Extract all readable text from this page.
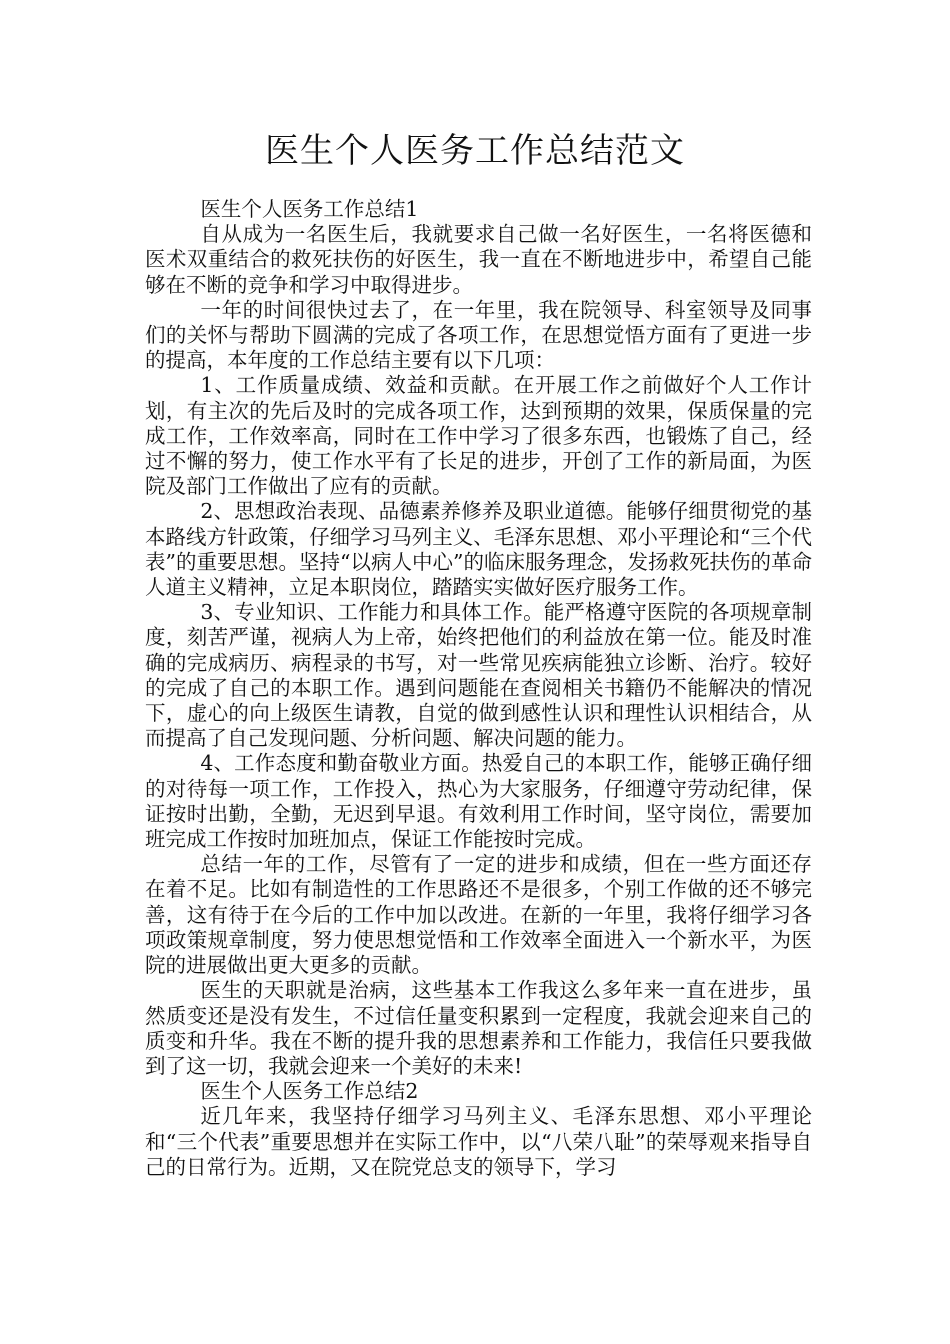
医生个人医务工作总结范文

医生个人医务工作总结1

自从成为一名医生后，我就要求自己做一名好医生，一名将医德和医术双重结合的救死扶伤的好医生，我一直在不断地进步中，希望自己能够在不断的竞争和学习中取得进步。

一年的时间很快过去了，在一年里，我在院领导、科室领导及同事们的关怀与帮助下圆满的完成了各项工作，在思想觉悟方面有了更进一步的提高，本年度的工作总结主要有以下几项：

1、工作质量成绩、效益和贡献。在开展工作之前做好个人工作计划，有主次的先后及时的完成各项工作，达到预期的效果，保质保量的完成工作，工作效率高，同时在工作中学习了很多东西，也锻炼了自己，经过不懈的努力，使工作水平有了长足的进步，开创了工作的新局面，为医院及部门工作做出了应有的贡献。

2、思想政治表现、品德素养修养及职业道德。能够仔细贯彻党的基本路线方针政策，仔细学习马列主义、毛泽东思想、邓小平理论和“三个代表”的重要思想。坚持“以病人中心”的临床服务理念，发扬救死扶伤的革命人道主义精神，立足本职岗位，踏踏实实做好医疗服务工作。

3、专业知识、工作能力和具体工作。能严格遵守医院的各项规章制度，刻苦严谨，视病人为上帝，始终把他们的利益放在第一位。能及时准确的完成病历、病程录的书写，对一些常见疾病能独立诊断、治疗。较好的完成了自己的本职工作。遇到问题能在查阅相关书籍仍不能解决的情况下，虚心的向上级医生请教，自觉的做到感性认识和理性认识相结合，从而提高了自己发现问题、分析问题、解决问题的能力。

4、工作态度和勤奋敬业方面。热爱自己的本职工作，能够正确仔细的对待每一项工作，工作投入，热心为大家服务，仔细遵守劳动纪律，保证按时出勤，全勤，无迟到早退。有效利用工作时间，坚守岗位，需要加班完成工作按时加班加点，保证工作能按时完成。

总结一年的工作，尽管有了一定的进步和成绩，但在一些方面还存在着不足。比如有制造性的工作思路还不是很多，个别工作做的还不够完善，这有待于在今后的工作中加以改进。在新的一年里，我将仔细学习各项政策规章制度，努力使思想觉悟和工作效率全面进入一个新水平，为医院的进展做出更大更多的贡献。

医生的天职就是治病，这些基本工作我这么多年来一直在进步，虽然质变还是没有发生，不过信任量变积累到一定程度，我就会迎来自己的质变和升华。我在不断的提升我的思想素养和工作能力，我信任只要我做到了这一切，我就会迎来一个美好的未来!

医生个人医务工作总结2

近几年来，我坚持仔细学习马列主义、毛泽东思想、邓小平理论和“三个代表”重要思想并在实际工作中，以“八荣八耻”的荣辱观来指导自己的日常行为。近期，又在院党总支的领导下，学习
